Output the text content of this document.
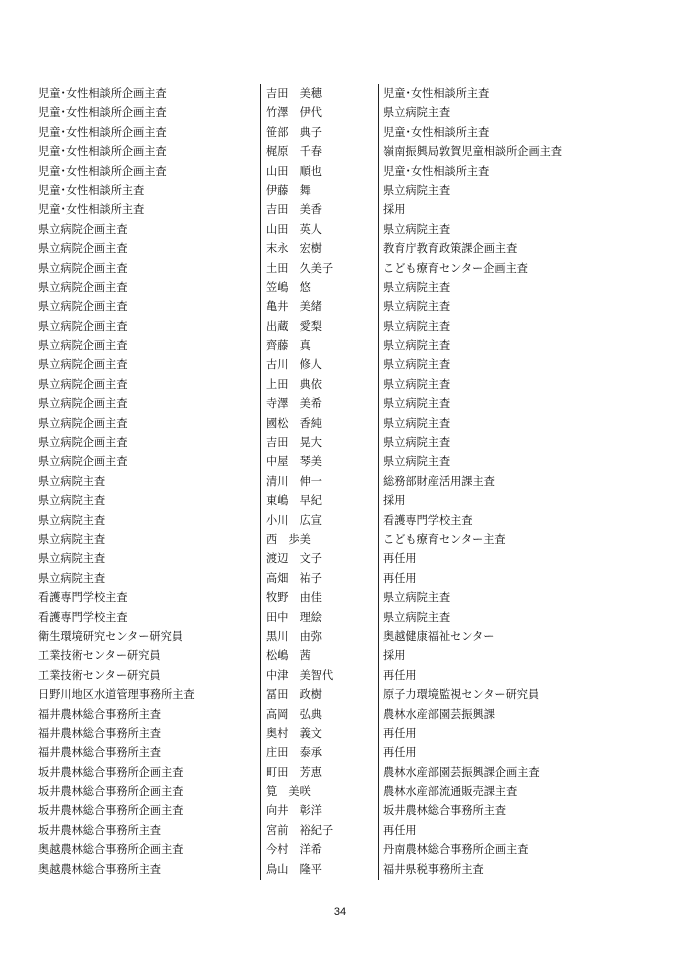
児童･女性相談所企画主査	吉田　美穂	児童･女性相談所主査
児童･女性相談所企画主査	竹澤　伊代	県立病院主査
児童･女性相談所企画主査	笹部　典子	児童･女性相談所主査
児童･女性相談所企画主査	梶原　千春	嶺南振興局敦賀児童相談所企画主査
児童･女性相談所企画主査	山田　順也	児童･女性相談所主査
児童･女性相談所主査	伊藤　舞	県立病院主査
児童･女性相談所主査	吉田　美香	採用
県立病院企画主査	山田　英人	県立病院主査
県立病院企画主査	末永　宏樹	教育庁教育政策課企画主査
県立病院企画主査	土田　久美子	こども療育センター企画主査
県立病院企画主査	笠嶋　悠	県立病院主査
県立病院企画主査	亀井　美緒	県立病院主査
県立病院企画主査	出蔵　愛梨	県立病院主査
県立病院企画主査	齊藤　真	県立病院主査
県立病院企画主査	古川　修人	県立病院主査
県立病院企画主査	上田　典依	県立病院主査
県立病院企画主査	寺澤　美希	県立病院主査
県立病院企画主査	國松　香純	県立病院主査
県立病院企画主査	吉田　晃大	県立病院主査
県立病院企画主査	中屋　琴美	県立病院主査
県立病院主査	清川　伸一	総務部財産活用課主査
県立病院主査	東嶋　早紀	採用
県立病院主査	小川　広宣	看護専門学校主査
県立病院主査	西　歩美	こども療育センター主査
県立病院主査	渡辺　文子	再任用
県立病院主査	高畑　祐子	再任用
看護専門学校主査	牧野　由佳	県立病院主査
看護専門学校主査	田中　理絵	県立病院主査
衛生環境研究センター研究員	黒川　由弥	奥越健康福祉センター
工業技術センター研究員	松嶋　茜	採用
工業技術センター研究員	中津　美智代	再任用
日野川地区水道管理事務所主査	冨田　政樹	原子力環境監視センター研究員
福井農林総合事務所主査	高岡　弘典	農林水産部園芸振興課
福井農林総合事務所主査	奥村　義文	再任用
福井農林総合事務所主査	庄田　泰承	再任用
坂井農林総合事務所企画主査	町田　芳恵	農林水産部園芸振興課企画主査
坂井農林総合事務所企画主査	筧　美咲	農林水産部流通販売課主査
坂井農林総合事務所企画主査	向井　彰洋	坂井農林総合事務所主査
坂井農林総合事務所主査	宮前　裕紀子	再任用
奥越農林総合事務所企画主査	今村　洋希	丹南農林総合事務所企画主査
奥越農林総合事務所主査	鳥山　隆平	福井県税事務所主査
34
